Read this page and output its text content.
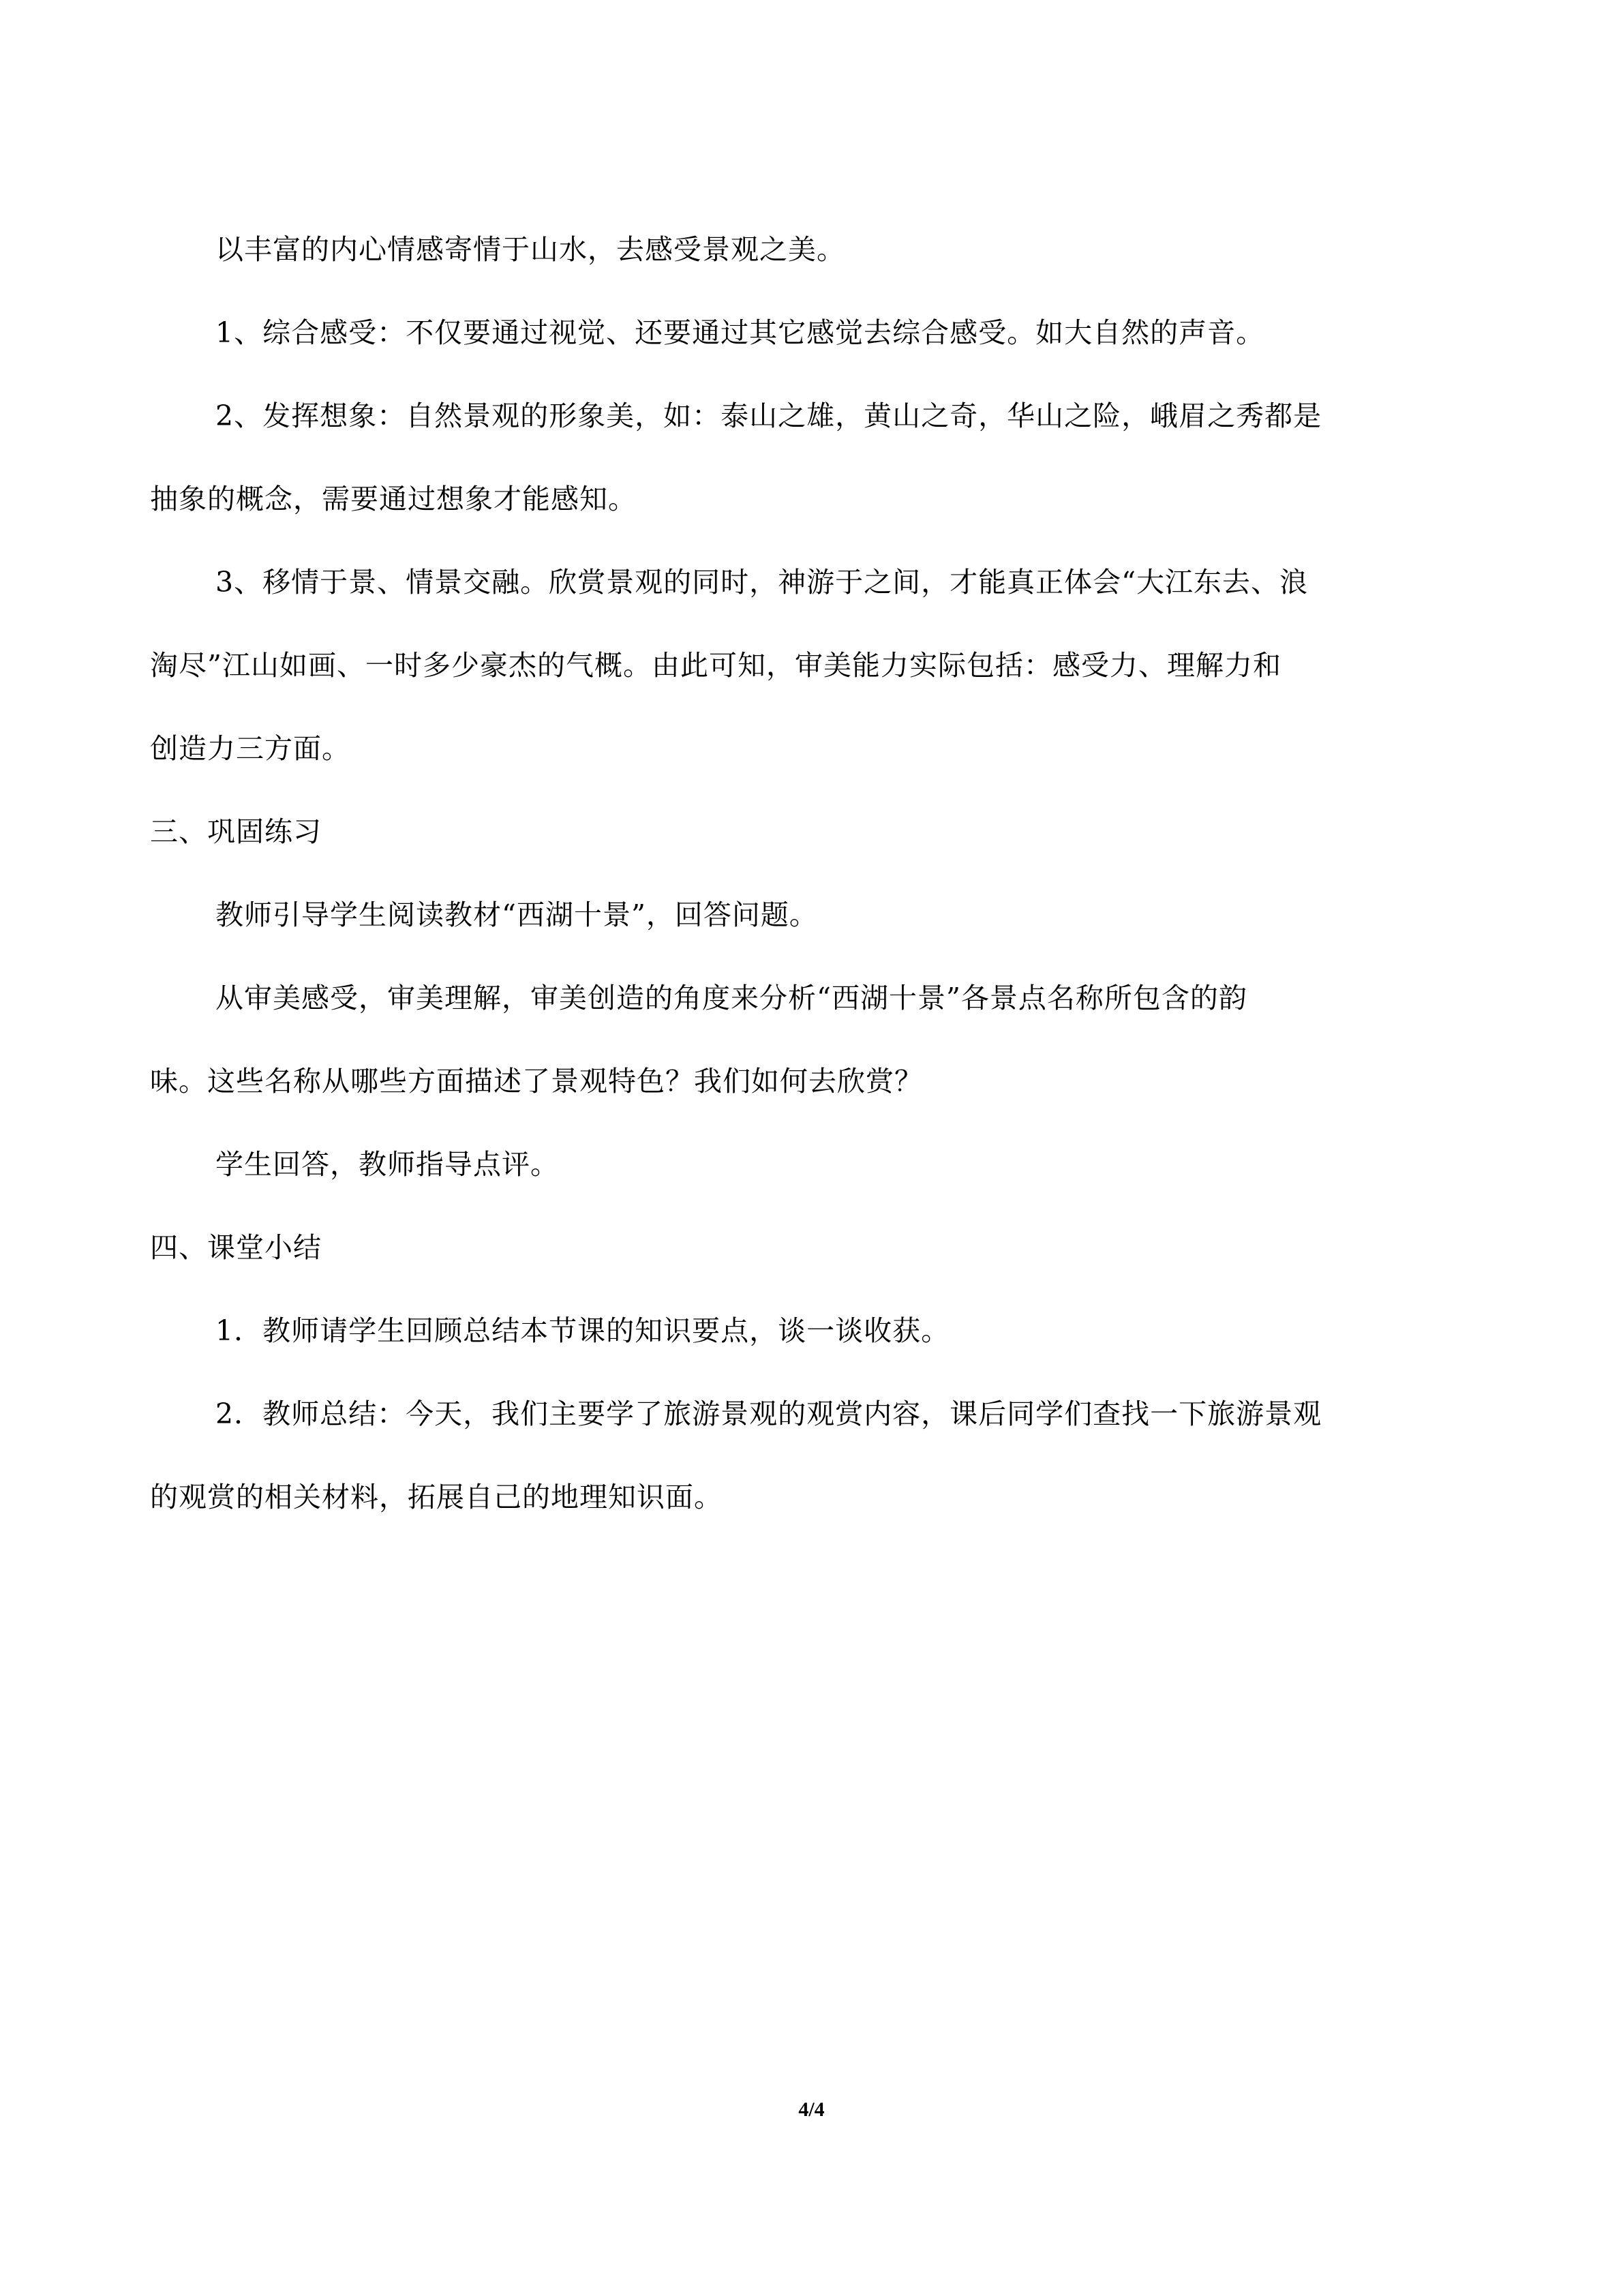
以丰富的内心情感寄情于山水，去感受景观之美。

1、综合感受：不仅要通过视觉、还要通过其它感觉去综合感受。如大自然的声音。

2、发挥想象：自然景观的形象美，如：泰山之雄，黄山之奇，华山之险，峨眉之秀都是

抽象的概念，需要通过想象才能感知。

3、移情于景、情景交融。欣赏景观的同时，神游于之间，才能真正体会“大江东去、浪

淘尽”江山如画、一时多少豪杰的气概。由此可知，审美能力实际包括：感受力、理解力和

创造力三方面。

三、巩固练习

教师引导学生阅读教材“西湖十景”，回答问题。

从审美感受，审美理解，审美创造的角度来分析“西湖十景”各景点名称所包含的韵

味。这些名称从哪些方面描述了景观特色？我们如何去欣赏？

学生回答，教师指导点评。

四、课堂小结

1．教师请学生回顾总结本节课的知识要点，谈一谈收获。

2．教师总结：今天，我们主要学了旅游景观的观赏内容，课后同学们查找一下旅游景观

的观赏的相关材料，拓展自己的地理知识面。

4/4
